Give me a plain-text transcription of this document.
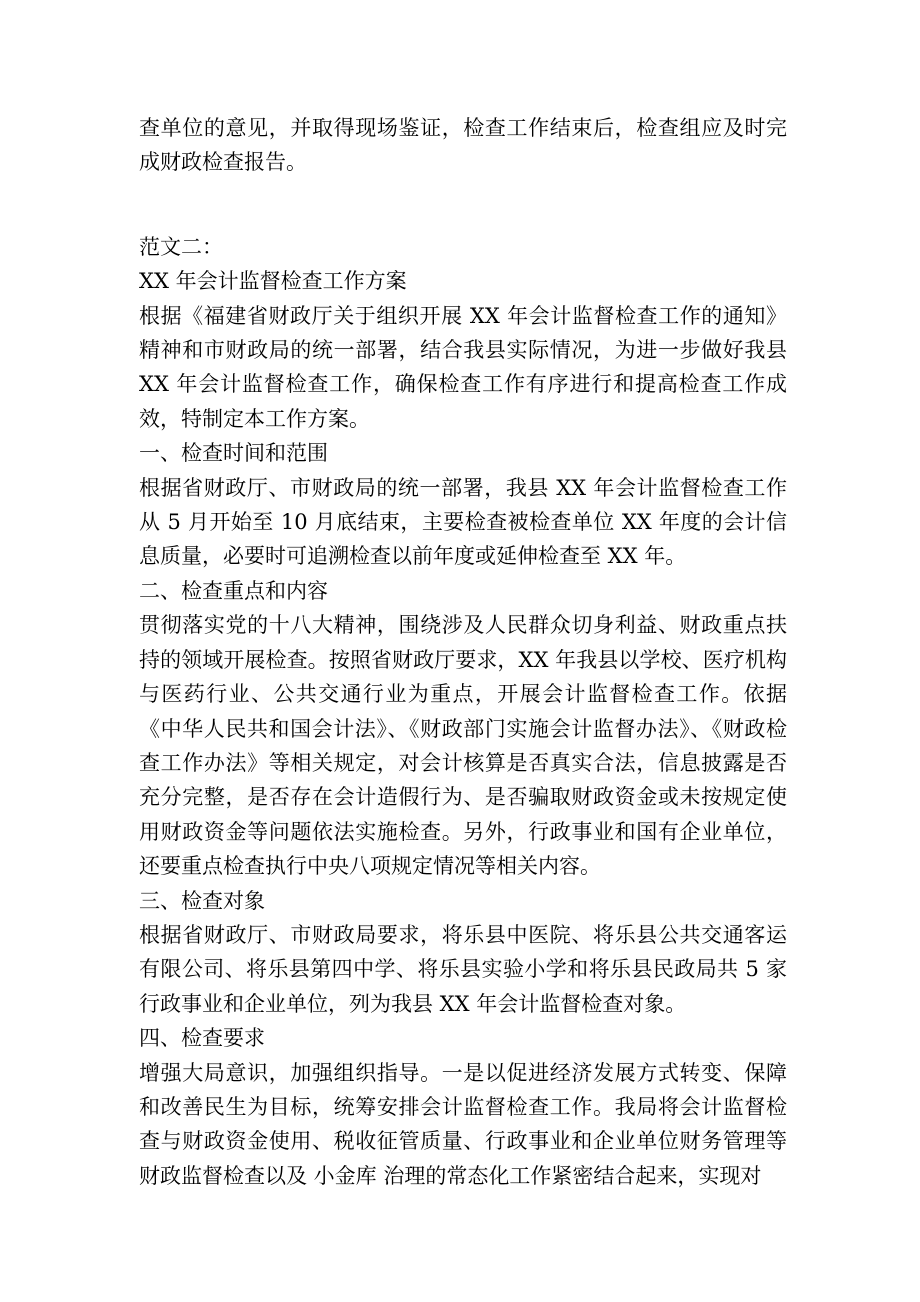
查单位的意见，并取得现场鉴证，检查工作结束后，检查组应及时完成财政检查报告。

范文二：

XX 年会计监督检查工作方案

根据《福建省财政厅关于组织开展 XX 年会计监督检查工作的通知》精神和市财政局的统一部署，结合我县实际情况，为进一步做好我县 XX 年会计监督检查工作，确保检查工作有序进行和提高检查工作成效，特制定本工作方案。

一、检查时间和范围

根据省财政厅、市财政局的统一部署，我县 XX 年会计监督检查工作从 5 月开始至 10 月底结束，主要检查被检查单位 XX 年度的会计信息质量，必要时可追溯检查以前年度或延伸检查至 XX 年。

二、检查重点和内容

贯彻落实党的十八大精神，围绕涉及人民群众切身利益、财政重点扶持的领域开展检查。按照省财政厅要求，XX 年我县以学校、医疗机构与医药行业、公共交通行业为重点，开展会计监督检查工作。依据《中华人民共和国会计法》、《财政部门实施会计监督办法》、《财政检查工作办法》等相关规定，对会计核算是否真实合法，信息披露是否充分完整，是否存在会计造假行为、是否骗取财政资金或未按规定使用财政资金等问题依法实施检查。另外，行政事业和国有企业单位，还要重点检查执行中央八项规定情况等相关内容。

三、检查对象

根据省财政厅、市财政局要求，将乐县中医院、将乐县公共交通客运有限公司、将乐县第四中学、将乐县实验小学和将乐县民政局共 5 家行政事业和企业单位，列为我县 XX 年会计监督检查对象。

四、检查要求

增强大局意识，加强组织指导。一是以促进经济发展方式转变、保障和改善民生为目标，统筹安排会计监督检查工作。我局将会计监督检查与财政资金使用、税收征管质量、行政事业和企业单位财务管理等财政监督检查以及 小金库 治理的常态化工作紧密结合起来，实现对
